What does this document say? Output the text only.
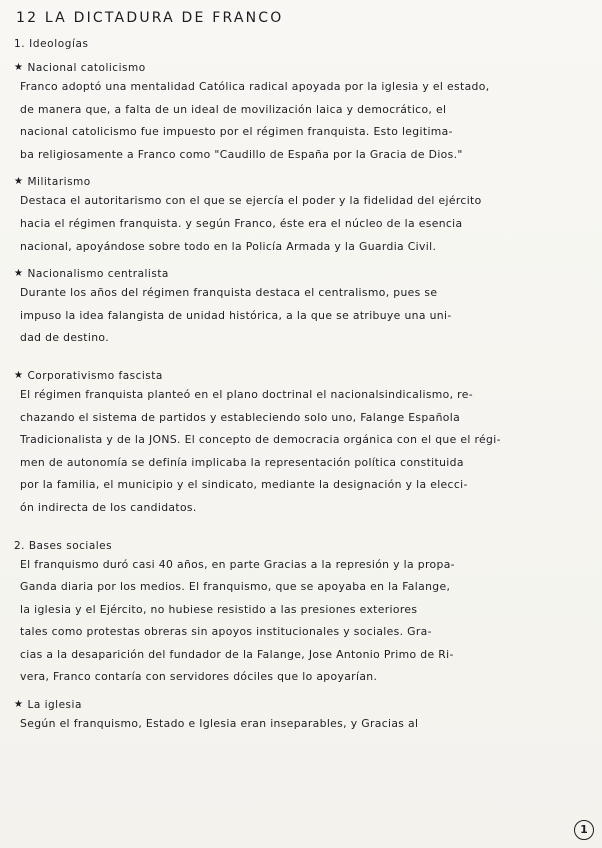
12 LA DICTADURA DE FRANCO
1. Ideologías
★ Nacional catolicismo
Franco adoptó una mentalidad Católica radical apoyada por la iglesia y el estado,
de manera que, a falta de un ideal de movilización laica y democrático, el
nacional catolicismo fue impuesto por el régimen franquista. Esto legitima-
ba religiosamente a Franco como "Caudillo de España por la Gracia de Dios."
★ Militarismo
Destaca el autoritarismo con el que se ejercía el poder y la fidelidad del ejército
hacia el régimen franquista. y según Franco, éste era el núcleo de la esencia
nacional, apoyándose sobre todo en la Policía Armada y la Guardia Civil.
★ Nacionalismo centralista
Durante los años del régimen franquista destaca el centralismo, pues se
impuso la idea falangista de unidad histórica, a la que se atribuye una uni-
dad de destino.
★ Corporativismo fascista
El régimen franquista planteó en el plano doctrinal el nacionalsindicalismo, re-
chazando el sistema de partidos y estableciendo solo uno, Falange Española
Tradicionalista y de la JONS. El concepto de democracia orgánica con el que el régi-
men de autonomía se definía implicaba la representación política constituida
por la familia, el municipio y el sindicato, mediante la designación y la elecci-
ón indirecta de los candidatos.
2. Bases sociales
El franquismo duró casi 40 años, en parte Gracias a la represión y la propa-
Ganda diaria por los medios. El franquismo, que se apoyaba en la Falange,
la iglesia y el Ejército, no hubiese resistido a las presiones exteriores
tales como protestas obreras sin apoyos institucionales y sociales. Gra-
cias a la desaparición del fundador de la Falange, Jose Antonio Primo de Ri-
vera, Franco contaría con servidores dóciles que lo apoyarían.
★ La iglesia
Según el franquismo, Estado e Iglesia eran inseparables, y Gracias al
1
